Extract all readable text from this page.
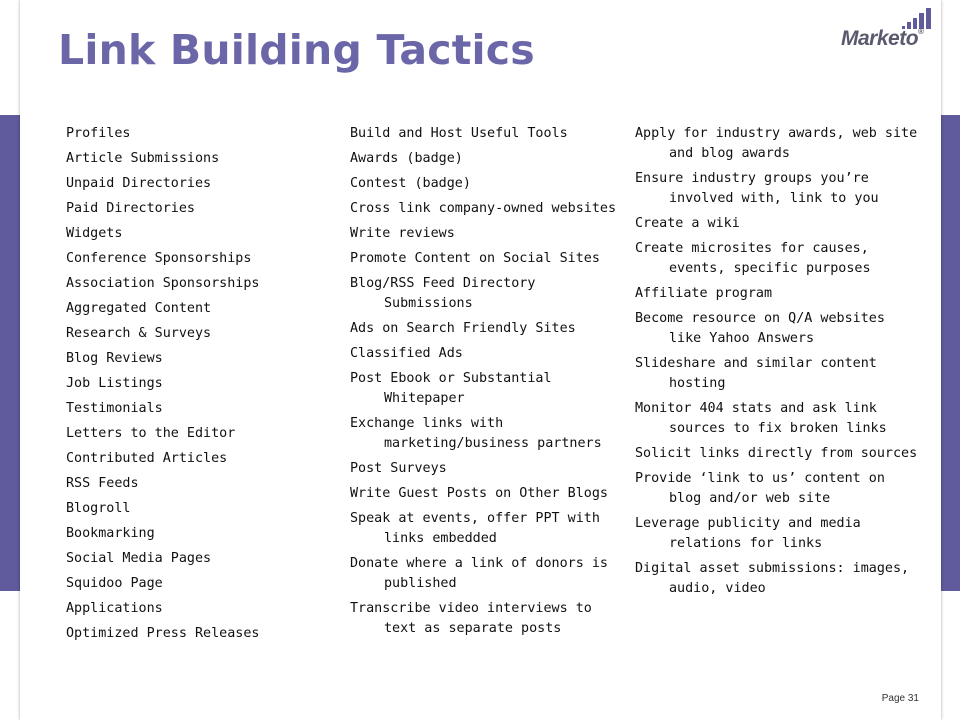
Link Building Tactics	Marketo®
Profiles
Article Submissions
Unpaid Directories
Paid Directories
Widgets
Conference Sponsorships
Association Sponsorships
Aggregated Content
Research & Surveys
Blog Reviews
Job Listings
Testimonials
Letters to the Editor
Contributed Articles
RSS Feeds
Blogroll
Bookmarking
Social Media Pages
Squidoo Page
Applications
Optimized Press Releases
Build and Host Useful Tools
Awards (badge)
Contest (badge)
Cross link company-owned websites
Write reviews
Promote Content on Social Sites
Blog/RSS Feed Directory Submissions
Ads on Search Friendly Sites
Classified Ads
Post Ebook or Substantial Whitepaper
Exchange links with marketing/business partners
Post Surveys
Write Guest Posts on Other Blogs
Speak at events, offer PPT with links embedded
Donate where a link of donors is published
Transcribe video interviews to text as separate posts
Apply for industry awards, web site and blog awards
Ensure industry groups you’re involved with, link to you
Create a wiki
Create microsites for causes, events, specific purposes
Affiliate program
Become resource on Q/A websites like Yahoo Answers
Slideshare and similar content hosting
Monitor 404 stats and ask link sources to fix broken links
Solicit links directly from sources
Provide ‘link to us’ content on blog and/or web site
Leverage publicity and media relations for links
Digital asset submissions: images, audio, video
Page 31
